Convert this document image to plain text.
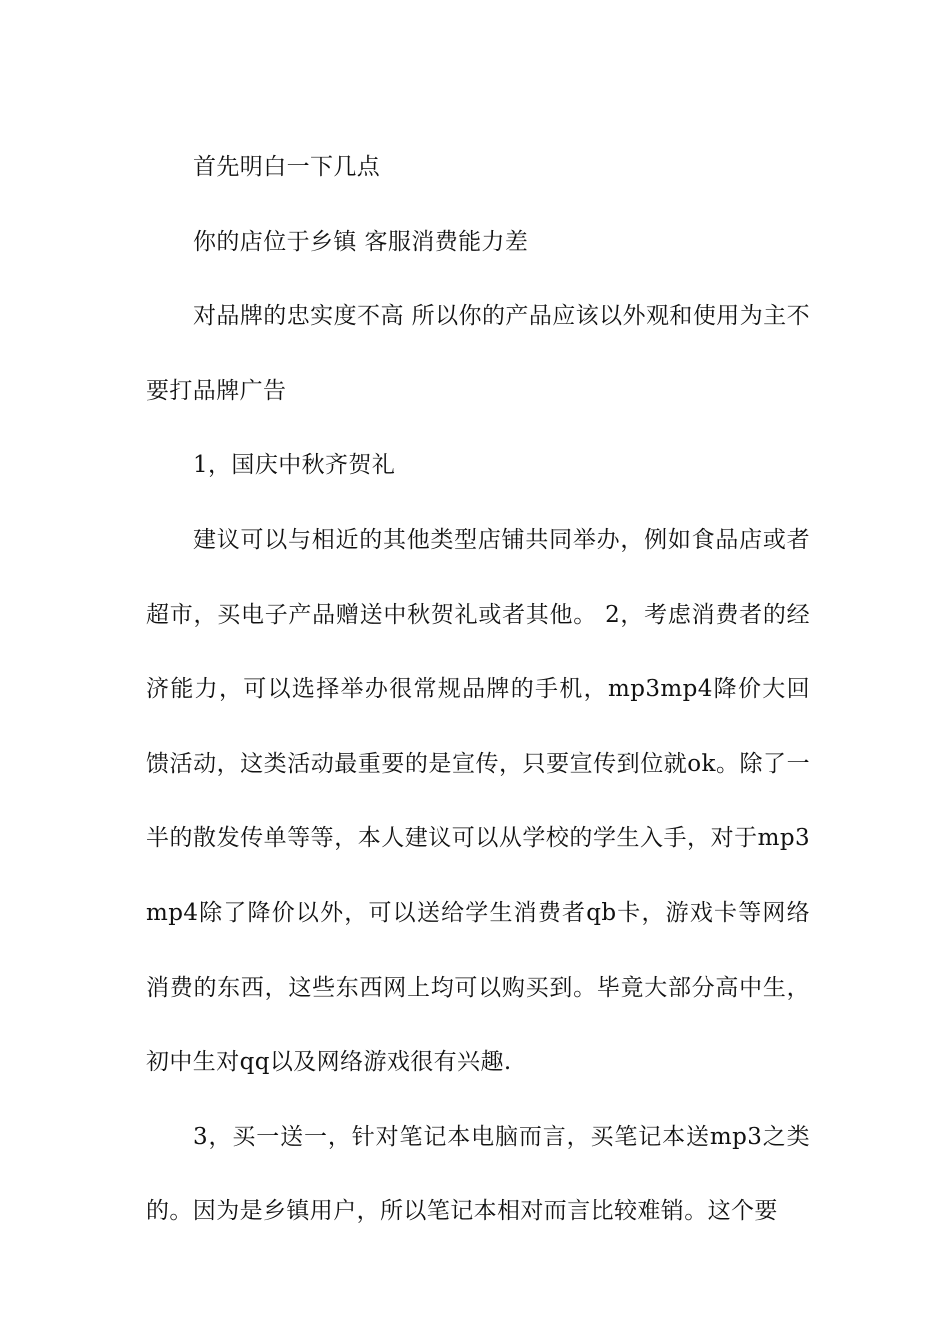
首先明白一下几点

你的店位于乡镇 客服消费能力差

对品牌的忠实度不高 所以你的产品应该以外观和使用为主不要打品牌广告

1，国庆中秋齐贺礼

建议可以与相近的其他类型店铺共同举办，例如食品店或者超市，买电子产品赠送中秋贺礼或者其他。 2，考虑消费者的经济能力，可以选择举办很常规品牌的手机，mp3mp4降价大回馈活动，这类活动最重要的是宣传，只要宣传到位就ok。除了一半的散发传单等等，本人建议可以从学校的学生入手，对于mp3mp4除了降价以外，可以送给学生消费者qb卡，游戏卡等网络消费的东西，这些东西网上均可以购买到。毕竟大部分高中生，初中生对qq以及网络游戏很有兴趣.

3，买一送一，针对笔记本电脑而言，买笔记本送mp3之类的。因为是乡镇用户，所以笔记本相对而言比较难销。这个要
